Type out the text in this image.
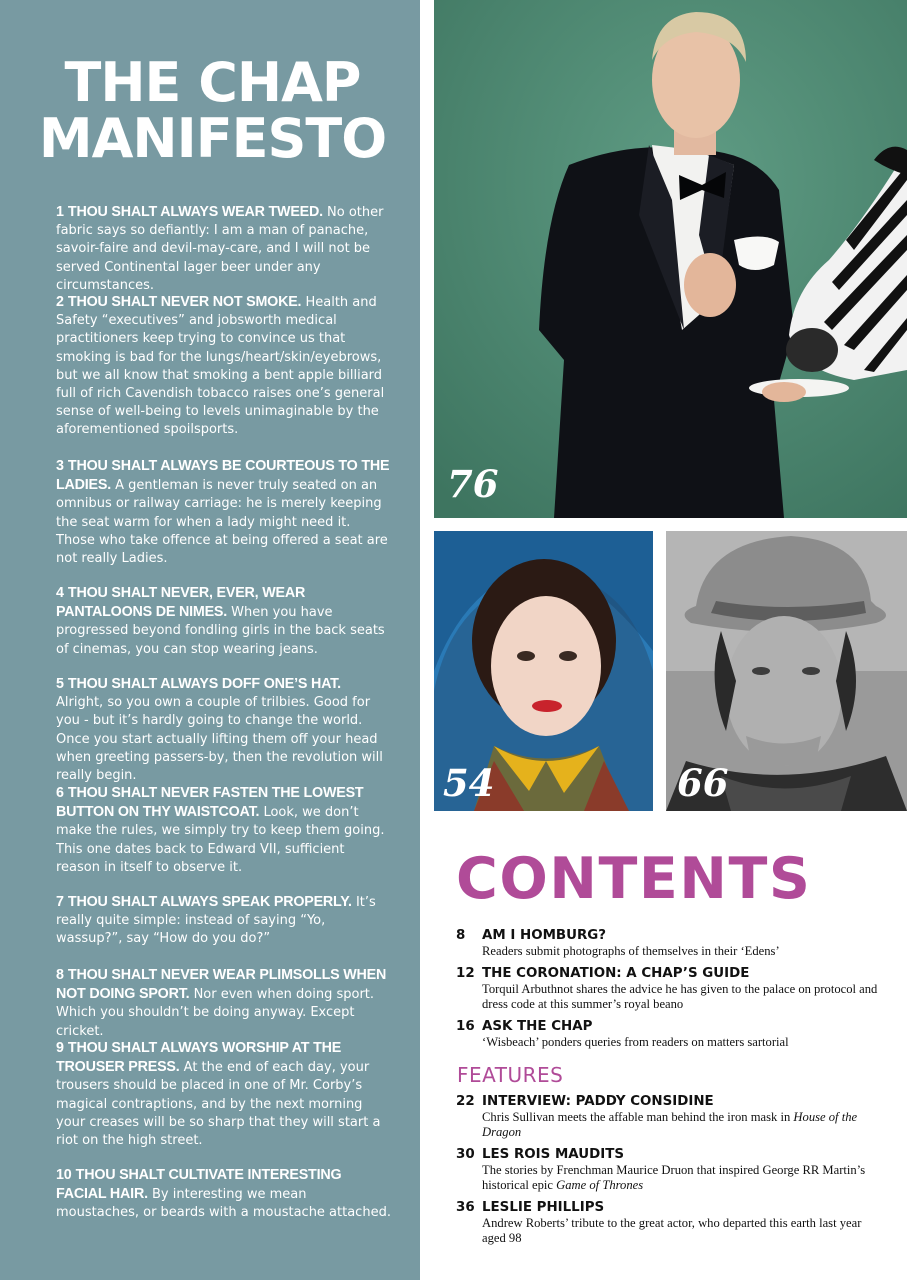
THE CHAP
MANIFESTO
1 THOU SHALT ALWAYS WEAR TWEED. No other fabric says so defiantly: I am a man of panache, savoir-faire and devil-may-care, and I will not be served Continental lager beer under any circumstances.
2 THOU SHALT NEVER NOT SMOKE. Health and Safety “executives” and jobsworth medical practitioners keep trying to convince us that smoking is bad for the lungs/heart/skin/eyebrows, but we all know that smoking a bent apple billiard full of rich Cavendish tobacco raises one’s general sense of well-being to levels unimaginable by the aforementioned spoilsports.
3 THOU SHALT ALWAYS BE COURTEOUS TO THE LADIES. A gentleman is never truly seated on an omnibus or railway carriage: he is merely keeping the seat warm for when a lady might need it. Those who take offence at being offered a seat are not really Ladies.
4 THOU SHALT NEVER, EVER, WEAR PANTALOONS DE NIMES. When you have progressed beyond fondling girls in the back seats of cinemas, you can stop wearing jeans.
5 THOU SHALT ALWAYS DOFF ONE’S HAT. Alright, so you own a couple of trilbies. Good for you - but it’s hardly going to change the world. Once you start actually lifting them off your head when greeting passers-by, then the revolution will really begin.
6 THOU SHALT NEVER FASTEN THE LOWEST BUTTON ON THY WAISTCOAT. Look, we don’t make the rules, we simply try to keep them going. This one dates back to Edward VII, sufficient reason in itself to observe it.
7 THOU SHALT ALWAYS SPEAK PROPERLY. It’s really quite simple: instead of saying “Yo, wassup?”, say “How do you do?”
8 THOU SHALT NEVER WEAR PLIMSOLLS WHEN NOT DOING SPORT. Nor even when doing sport. Which you shouldn’t be doing anyway. Except cricket.
9 THOU SHALT ALWAYS WORSHIP AT THE TROUSER PRESS. At the end of each day, your trousers should be placed in one of Mr. Corby’s magical contraptions, and by the next morning your creases will be so sharp that they will start a riot on the high street.
10 THOU SHALT CULTIVATE INTERESTING FACIAL HAIR. By interesting we mean moustaches, or beards with a moustache attached.
76
54	66
CONTENTS
8	AM I HOMBURG?
Readers submit photographs of themselves in their ‘Edens’
12 THE CORONATION: A CHAP’S GUIDE
Torquil Arbuthnot shares the advice he has given to the palace on protocol and dress code at this summer’s royal beano
16 ASK THE CHAP
‘Wisbeach’ ponders queries from readers on matters sartorial
FEATURES
22 INTERVIEW: PADDY CONSIDINE
Chris Sullivan meets the affable man behind the iron mask in House of the Dragon
30 LES ROIS MAUDITS
The stories by Frenchman Maurice Druon that inspired George RR Martin’s historical epic Game of Thrones
36 LESLIE PHILLIPS
Andrew Roberts’ tribute to the great actor, who departed this earth last year aged 98
